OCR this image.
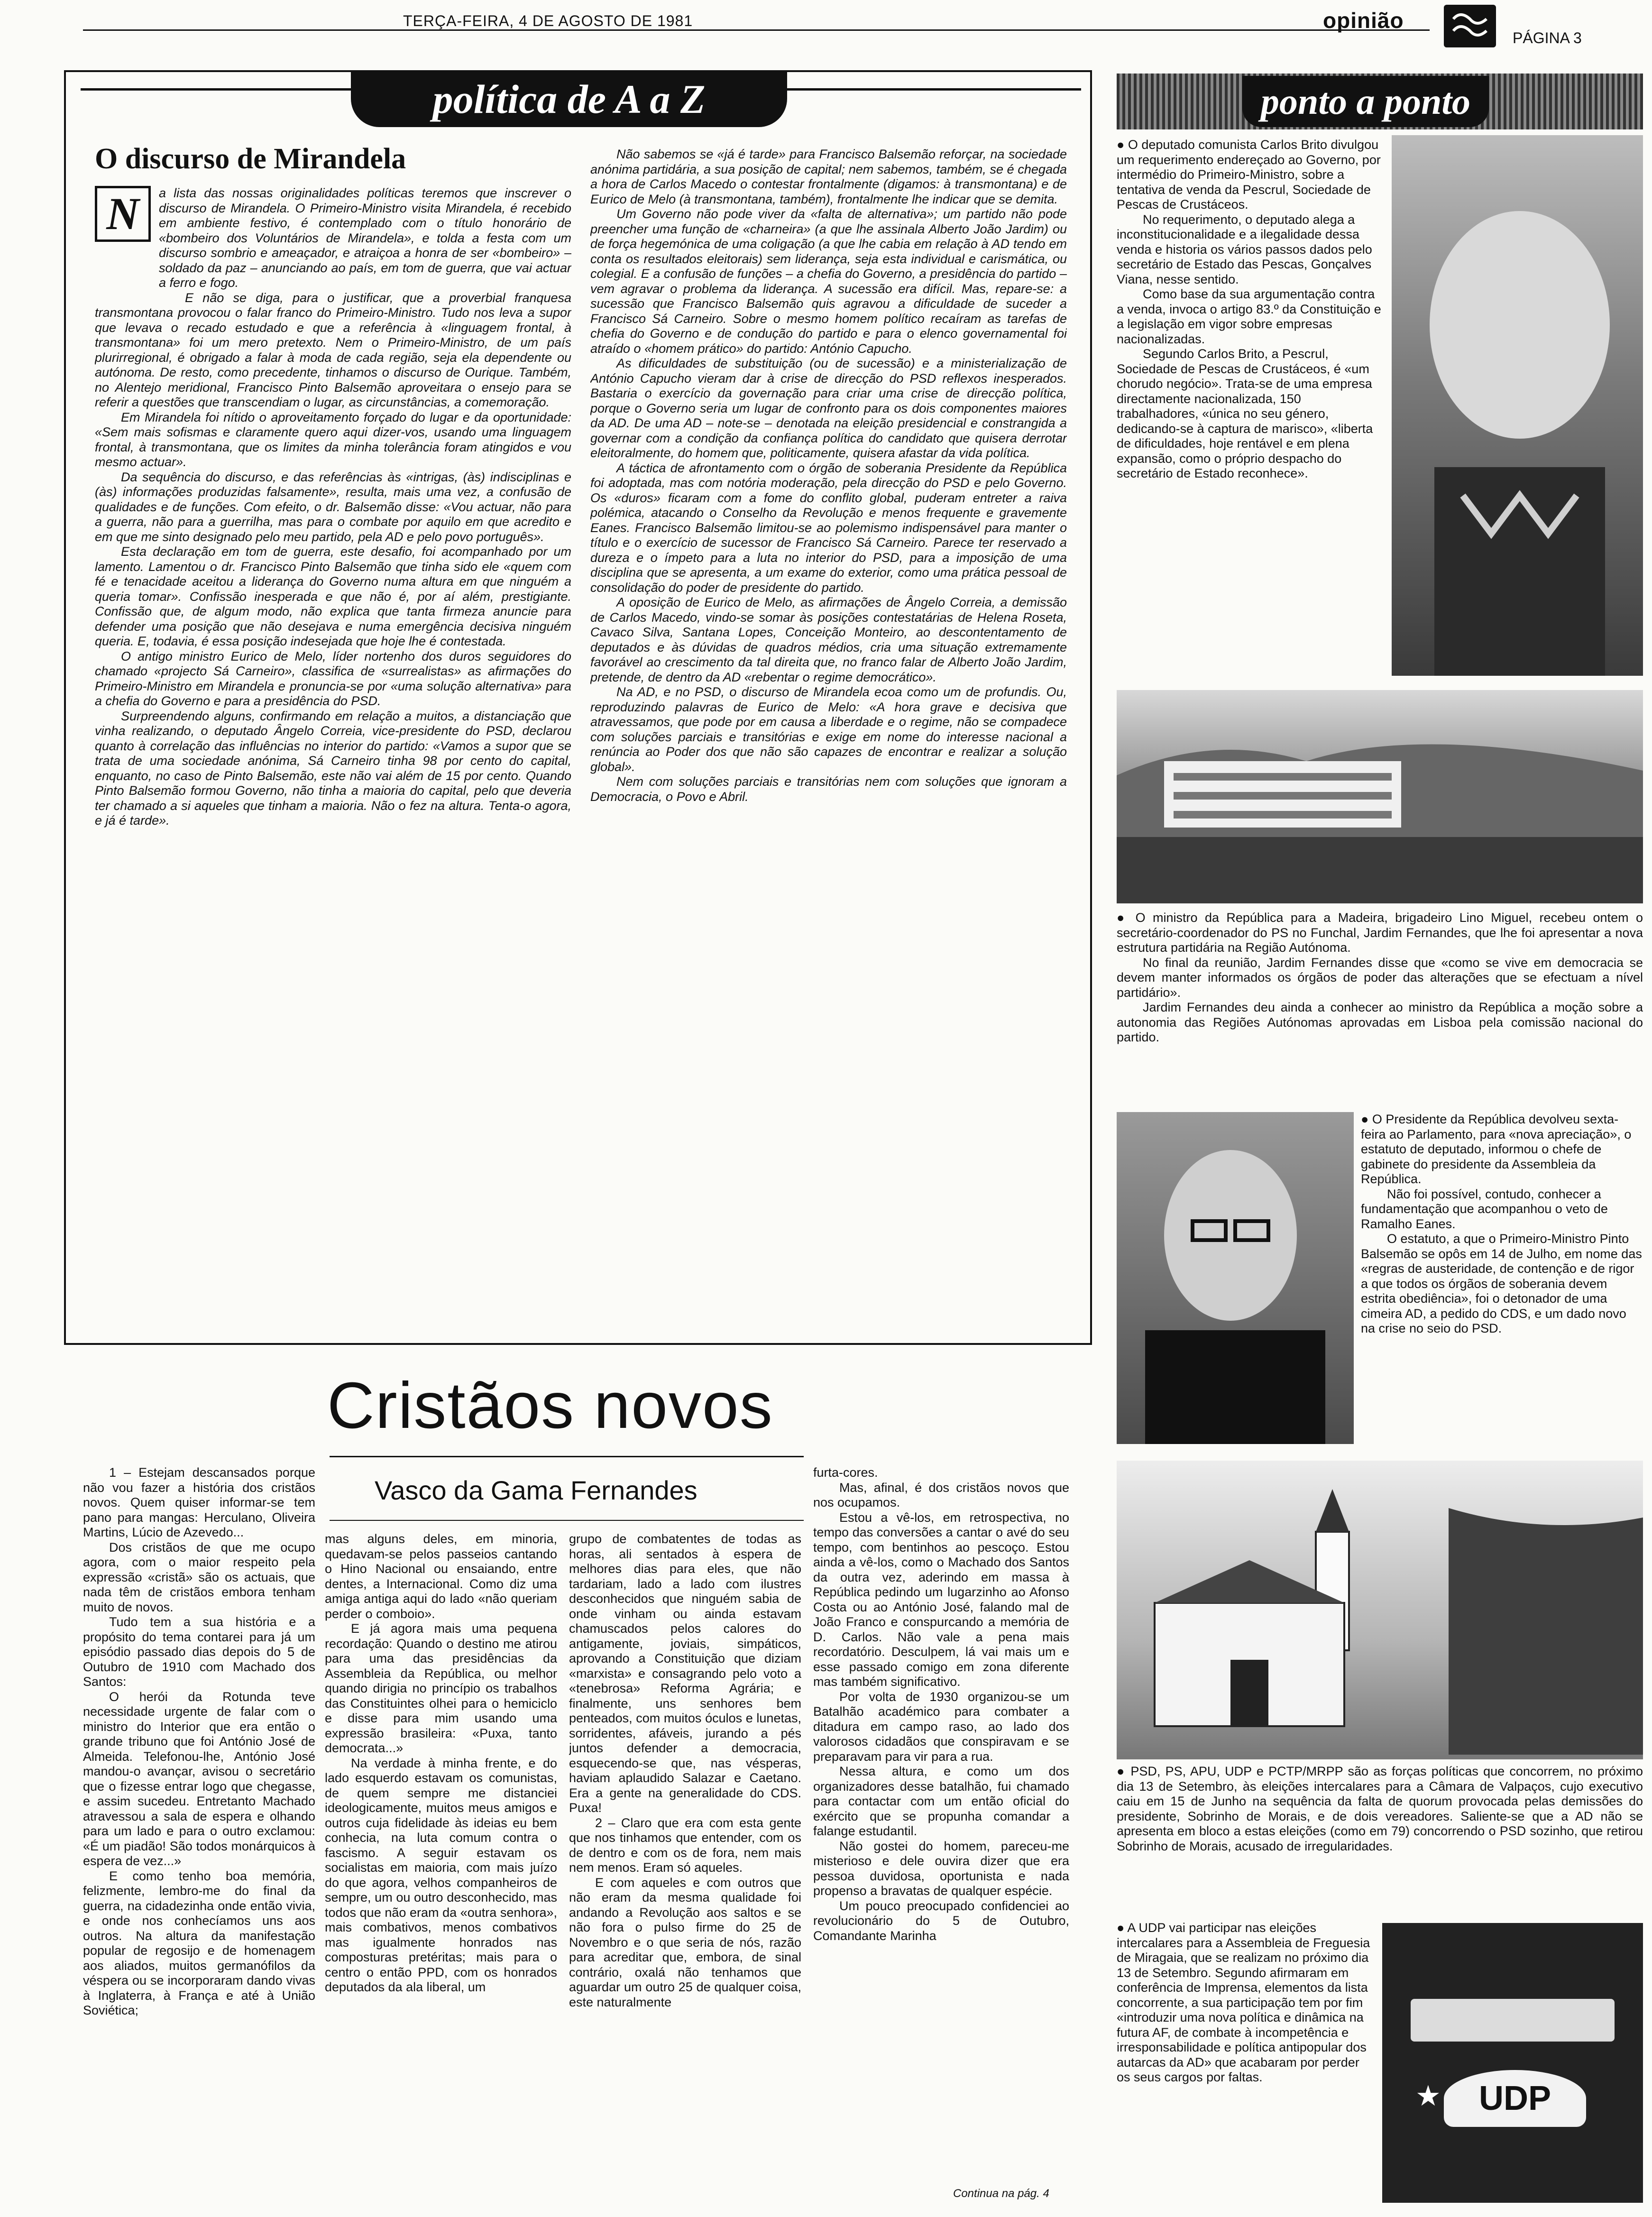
TERÇA-FEIRA, 4 DE AGOSTO DE 1981	opinião
PÁGINA 3
política de A a Z
O discurso de Mirandela
N	a lista das nossas originalidades políticas teremos que inscrever o discurso de Mirandela. O Primeiro-Ministro visita Mirandela, é recebido em ambiente festivo, é contemplado com o título honorário de «bombeiro dos Voluntários de Mirandela», e tolda a festa com um discurso sombrio e ameaçador, e atraiçoa a honra de ser «bombeiro» – soldado da paz – anunciando ao país, em tom de guerra, que vai actuar a ferro e fogo.

E não se diga, para o justificar, que a proverbial franquesa transmontana provocou o falar franco do Primeiro-Ministro. Tudo nos leva a supor que levava o recado estudado e que a referência à «linguagem frontal, à transmontana» foi um mero pretexto. Nem o Primeiro-Ministro, de um país plurirregional, é obrigado a falar à moda de cada região, seja ela dependente ou autónoma. De resto, como precedente, tinhamos o discurso de Ourique. Também, no Alentejo meridional, Francisco Pinto Balsemão aproveitara o ensejo para se referir a questões que transcendiam o lugar, as circunstâncias, a comemoração.

Em Mirandela foi nítido o aproveitamento forçado do lugar e da oportunidade: «Sem mais sofismas e claramente quero aqui dizer-vos, usando uma linguagem frontal, à transmontana, que os limites da minha tolerância foram atingidos e vou mesmo actuar».

Da sequência do discurso, e das referências às «intrigas, (às) indisciplinas e (às) informações produzidas falsamente», resulta, mais uma vez, a confusão de qualidades e de funções. Com efeito, o dr. Balsemão disse: «Vou actuar, não para a guerra, não para a guerrilha, mas para o combate por aquilo em que acredito e em que me sinto designado pelo meu partido, pela AD e pelo povo português».

Esta declaração em tom de guerra, este desafio, foi acompanhado por um lamento. Lamentou o dr. Francisco Pinto Balsemão que tinha sido ele «quem com fé e tenacidade aceitou a liderança do Governo numa altura em que ninguém a queria tomar». Confissão inesperada e que não é, por aí além, prestigiante. Confissão que, de algum modo, não explica que tanta firmeza anuncie para defender uma posição que não desejava e numa emergência decisiva ninguém queria. E, todavia, é essa posição indesejada que hoje lhe é contestada.

O antigo ministro Eurico de Melo, líder nortenho dos duros seguidores do chamado «projecto Sá Carneiro», classifica de «surrealistas» as afirmações do Primeiro-Ministro em Mirandela e pronuncia-se por «uma solução alternativa» para a chefia do Governo e para a presidência do PSD.

Surpreendendo alguns, confirmando em relação a muitos, a distanciação que vinha realizando, o deputado Ângelo Correia, vice-presidente do PSD, declarou quanto à correlação das influências no interior do partido: «Vamos a supor que se trata de uma sociedade anónima, Sá Carneiro tinha 98 por cento do capital, enquanto, no caso de Pinto Balsemão, este não vai além de 15 por cento. Quando Pinto Balsemão formou Governo, não tinha a maioria do capital, pelo que deveria ter chamado a si aqueles que tinham a maioria. Não o fez na altura. Tenta-o agora, e já é tarde».

Não sabemos se «já é tarde» para Francisco Balsemão reforçar, na sociedade anónima partidária, a sua posição de capital; nem sabemos, também, se é chegada a hora de Carlos Macedo o contestar frontalmente (digamos: à transmontana) e de Eurico de Melo (à transmontana, também), frontalmente lhe indicar que se demita.

Um Governo não pode viver da «falta de alternativa»; um partido não pode preencher uma função de «charneira» (a que lhe assinala Alberto João Jardim) ou de força hegemónica de uma coligação (a que lhe cabia em relação à AD tendo em conta os resultados eleitorais) sem liderança, seja esta individual e carismática, ou colegial. E a confusão de funções – a chefia do Governo, a presidência do partido – vem agravar o problema da liderança. A sucessão era difícil. Mas, repare-se: a sucessão que Francisco Balsemão quis agravou a dificuldade de suceder a Francisco Sá Carneiro. Sobre o mesmo homem político recaíram as tarefas de chefia do Governo e de condução do partido e para o elenco governamental foi atraído o «homem prático» do partido: António Capucho.

As dificuldades de substituição (ou de sucessão) e a ministerialização de António Capucho vieram dar à crise de direcção do PSD reflexos inesperados. Bastaria o exercício da governação para criar uma crise de direcção política, porque o Governo seria um lugar de confronto para os dois componentes maiores da AD. De uma AD – note-se – denotada na eleição presidencial e constrangida a governar com a condição da confiança política do candidato que quisera derrotar eleitoralmente, do homem que, politicamente, quisera afastar da vida política.

A táctica de afrontamento com o órgão de soberania Presidente da República foi adoptada, mas com notória moderação, pela direcção do PSD e pelo Governo. Os «duros» ficaram com a fome do conflito global, puderam entreter a raiva polémica, atacando o Conselho da Revolução e menos frequente e gravemente Eanes. Francisco Balsemão limitou-se ao polemismo indispensável para manter o título e o exercício de sucessor de Francisco Sá Carneiro. Parece ter reservado a dureza e o ímpeto para a luta no interior do PSD, para a imposição de uma disciplina que se apresenta, a um exame do exterior, como uma prática pessoal de consolidação do poder de presidente do partido.

A oposição de Eurico de Melo, as afirmações de Ângelo Correia, a demissão de Carlos Macedo, vindo-se somar às posições contestatárias de Helena Roseta, Cavaco Silva, Santana Lopes, Conceição Monteiro, ao descontentamento de deputados e às dúvidas de quadros médios, cria uma situação extremamente favorável ao crescimento da tal direita que, no franco falar de Alberto João Jardim, pretende, de dentro da AD «rebentar o regime democrático».

Na AD, e no PSD, o discurso de Mirandela ecoa como um de profundis. Ou, reproduzindo palavras de Eurico de Melo: «A hora grave e decisiva que atravessamos, que pode por em causa a liberdade e o regime, não se compadece com soluções parciais e transitórias e exige em nome do interesse nacional a renúncia ao Poder dos que não são capazes de encontrar e realizar a solução global».

Nem com soluções parciais e transitórias nem com soluções que ignoram a Democracia, o Povo e Abril.

ponto a ponto

● O deputado comunista Carlos Brito divulgou um requerimento endereçado ao Governo, por intermédio do Primeiro-Ministro, sobre a tentativa de venda da Pescrul, Sociedade de Pescas de Crustáceos.

No requerimento, o deputado alega a inconstitucionalidade e a ilegalidade dessa venda e historia os vários passos dados pelo secretário de Estado das Pescas, Gonçalves Viana, nesse sentido.

Como base da sua argumentação contra a venda, invoca o artigo 83.º da Constituição e a legislação em vigor sobre empresas nacionalizadas.

Segundo Carlos Brito, a Pescrul, Sociedade de Pescas de Crustáceos, é «um chorudo negócio». Trata-se de uma empresa directamente nacionalizada, 150 trabalhadores, «única no seu género, dedicando-se à captura de marisco», «liberta de dificuldades, hoje rentável e em plena expansão, como o próprio despacho do secretário de Estado reconhece».

● O ministro da República para a Madeira, brigadeiro Lino Miguel, recebeu ontem o secretário-coordenador do PS no Funchal, Jardim Fernandes, que lhe foi apresentar a nova estrutura partidária na Região Autónoma.

No final da reunião, Jardim Fernandes disse que «como se vive em democracia se devem manter informados os órgãos de poder das alterações que se efectuam a nível partidário».

Jardim Fernandes deu ainda a conhecer ao ministro da República a moção sobre a autonomia das Regiões Autónomas aprovadas em Lisboa pela comissão nacional do partido.

● O Presidente da República devolveu sexta-feira ao Parlamento, para «nova apreciação», o estatuto de deputado, informou o chefe de gabinete do presidente da Assembleia da República.

Não foi possível, contudo, conhecer a fundamentação que acompanhou o veto de Ramalho Eanes.

O estatuto, a que o Primeiro-Ministro Pinto Balsemão se opôs em 14 de Julho, em nome das «regras de austeridade, de contenção e de rigor a que todos os órgãos de soberania devem estrita obediência», foi o detonador de uma cimeira AD, a pedido do CDS, e um dado novo na crise no seio do PSD.

● PSD, PS, APU, UDP e PCTP/MRPP são as forças políticas que concorrem, no próximo dia 13 de Setembro, às eleições intercalares para a Câmara de Valpaços, cujo executivo caiu em 15 de Junho na sequência da falta de quorum provocada pelas demissões do presidente, Sobrinho de Morais, e de dois vereadores. Saliente-se que a AD não se apresenta em bloco a estas eleições (como em 79) concorrendo o PSD sozinho, que retirou Sobrinho de Morais, acusado de irregularidades.

● A UDP vai participar nas eleições intercalares para a Assembleia de Freguesia de Miragaia, que se realizam no próximo dia 13 de Setembro. Segundo afirmaram em conferência de Imprensa, elementos da lista concorrente, a sua participação tem por fim «introduzir uma nova política e dinâmica na futura AF, de combate à incompetência e irresponsabilidade e política antipopular dos autarcas da AD» que acabaram por perder os seus cargos por faltas.

★	UDP
Cristãos novos
Vasco da Gama Fernandes

1 – Estejam descansados porque não vou fazer a história dos cristãos novos. Quem quiser informar-se tem pano para mangas: Herculano, Oliveira Martins, Lúcio de Azevedo...

Dos cristãos de que me ocupo agora, com o maior respeito pela expressão «cristã» são os actuais, que nada têm de cristãos embora tenham muito de novos.

Tudo tem a sua história e a propósito do tema contarei para já um episódio passado dias depois do 5 de Outubro de 1910 com Machado dos Santos:

O herói da Rotunda teve necessidade urgente de falar com o ministro do Interior que era então o grande tribuno que foi António José de Almeida. Telefonou-lhe, António José mandou-o avançar, avisou o secretário que o fizesse entrar logo que chegasse, e assim sucedeu. Entretanto Machado atravessou a sala de espera e olhando para um lado e para o outro exclamou: «É um piadão! São todos monárquicos à espera de vez...»

E como tenho boa memória, felizmente, lembro-me do final da guerra, na cidadezinha onde então vivia, e onde nos conhecíamos uns aos outros. Na altura da manifestação popular de regosijo e de homenagem aos aliados, muitos germanófilos da véspera ou se incorporaram dando vivas à Inglaterra, à França e até à União Soviética;

mas alguns deles, em minoria, quedavam-se pelos passeios cantando o Hino Nacional ou ensaiando, entre dentes, a Internacional. Como diz uma amiga antiga aqui do lado «não queriam perder o comboio».

E já agora mais uma pequena recordação: Quando o destino me atirou para uma das presidências da Assembleia da República, ou melhor quando dirigia no princípio os trabalhos das Constituintes olhei para o hemiciclo e disse para mim usando uma expressão brasileira: «Puxa, tanto democrata...»

Na verdade à minha frente, e do lado esquerdo estavam os comunistas, de quem sempre me distanciei ideologicamente, muitos meus amigos e outros cuja fidelidade às ideias eu bem conhecia, na luta comum contra o fascismo. A seguir estavam os socialistas em maioria, com mais juízo do que agora, velhos companheiros de sempre, um ou outro desconhecido, mas todos que não eram da «outra senhora», mais combativos, menos combativos mas igualmente honrados nas composturas pretéritas; mais para o centro o então PPD, com os honrados deputados da ala liberal, um

grupo de combatentes de todas as horas, ali sentados à espera de melhores dias para eles, que não tardariam, lado a lado com ilustres desconhecidos que ninguém sabia de onde vinham ou ainda estavam chamuscados pelos calores do antigamente, joviais, simpáticos, aprovando a Constituição que diziam «marxista» e consagrando pelo voto a «tenebrosa» Reforma Agrária; e finalmente, uns senhores bem penteados, com muitos óculos e lunetas, sorridentes, afáveis, jurando a pés juntos defender a democracia, esquecendo-se que, nas vésperas, haviam aplaudido Salazar e Caetano. Era a gente na generalidade do CDS. Puxa!

2 – Claro que era com esta gente que nos tinhamos que entender, com os de dentro e com os de fora, nem mais nem menos. Eram só aqueles.

E com aqueles e com outros que não eram da mesma qualidade foi andando a Revolução aos saltos e se não fora o pulso firme do 25 de Novembro e o que seria de nós, razão para acreditar que, embora, de sinal contrário, oxalá não tenhamos que aguardar um outro 25 de qualquer coisa, este naturalmente

furta-cores.

Mas, afinal, é dos cristãos novos que nos ocupamos.

Estou a vê-los, em retrospectiva, no tempo das conversões a cantar o avé do seu tempo, com bentinhos ao pescoço. Estou ainda a vê-los, como o Machado dos Santos da outra vez, aderindo em massa à República pedindo um lugarzinho ao Afonso Costa ou ao António José, falando mal de João Franco e conspurcando a memória de D. Carlos. Não vale a pena mais recordatório. Desculpem, lá vai mais um e esse passado comigo em zona diferente mas também significativo.

Por volta de 1930 organizou-se um Batalhão académico para combater a ditadura em campo raso, ao lado dos valorosos cidadãos que conspiravam e se preparavam para vir para a rua.

Nessa altura, e como um dos organizadores desse batalhão, fui chamado para contactar com um então oficial do exército que se propunha comandar a falange estudantil.

Não gostei do homem, pareceu-me misterioso e dele ouvira dizer que era pessoa duvidosa, oportunista e nada propenso a bravatas de qualquer espécie.

Um pouco preocupado confidenciei ao revolucionário do 5 de Outubro, Comandante Marinha

Continua na pág. 4
